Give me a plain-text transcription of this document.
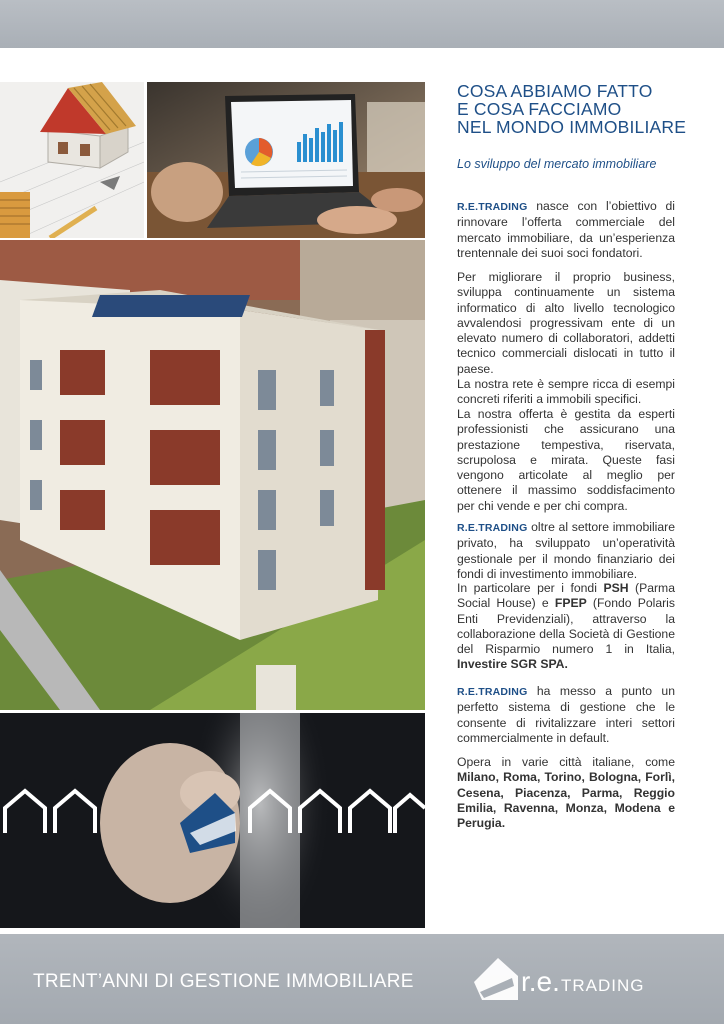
COSA ABBIAMO FATTO
E COSA FACCIAMO
NEL MONDO IMMOBILIARE
Lo sviluppo del mercato immobiliare
R.E.TRADING nasce con l’obiettivo di rinnovare l’offerta commerciale del mercato immobiliare, da un’esperienza trentennale dei suoi soci fondatori.
Per migliorare il proprio business, sviluppa continuamente un sistema informatico di alto livello tecnologico avvalendosi progressivam ente di un elevato numero di collaboratori, addetti tecnico commerciali dislocati in tutto il paese.
La nostra rete è sempre ricca di esempi concreti riferiti a immobili specifici.
La nostra offerta è gestita da esperti professionisti che assicurano una prestazione tempestiva, riservata, scrupolosa e mirata. Queste fasi vengono articolate al meglio per ottenere il massimo soddisfacimento per chi vende e per chi compra.
R.E.TRADING oltre al settore immobiliare privato, ha sviluppato un’operatività gestionale per il mondo finanziario dei fondi di investimento immobiliare.
In particolare per i fondi PSH (Parma Social House) e FPEP (Fondo Polaris Enti Previdenziali), attraverso la collaborazione della Società di Gestione del Risparmio numero 1 in Italia, Investire SGR SPA.
R.E.TRADING ha messo a punto un perfetto sistema di gestione che le consente di rivitalizzare interi settori commercialmente in default.
Opera in varie città italiane, come Milano, Roma, Torino, Bologna, Forlì, Cesena, Piacenza, Parma, Reggio Emilia, Ravenna, Monza, Modena e Perugia.
TRENT’ANNI DI GESTIONE IMMOBILIARE	r.e. TRADING
